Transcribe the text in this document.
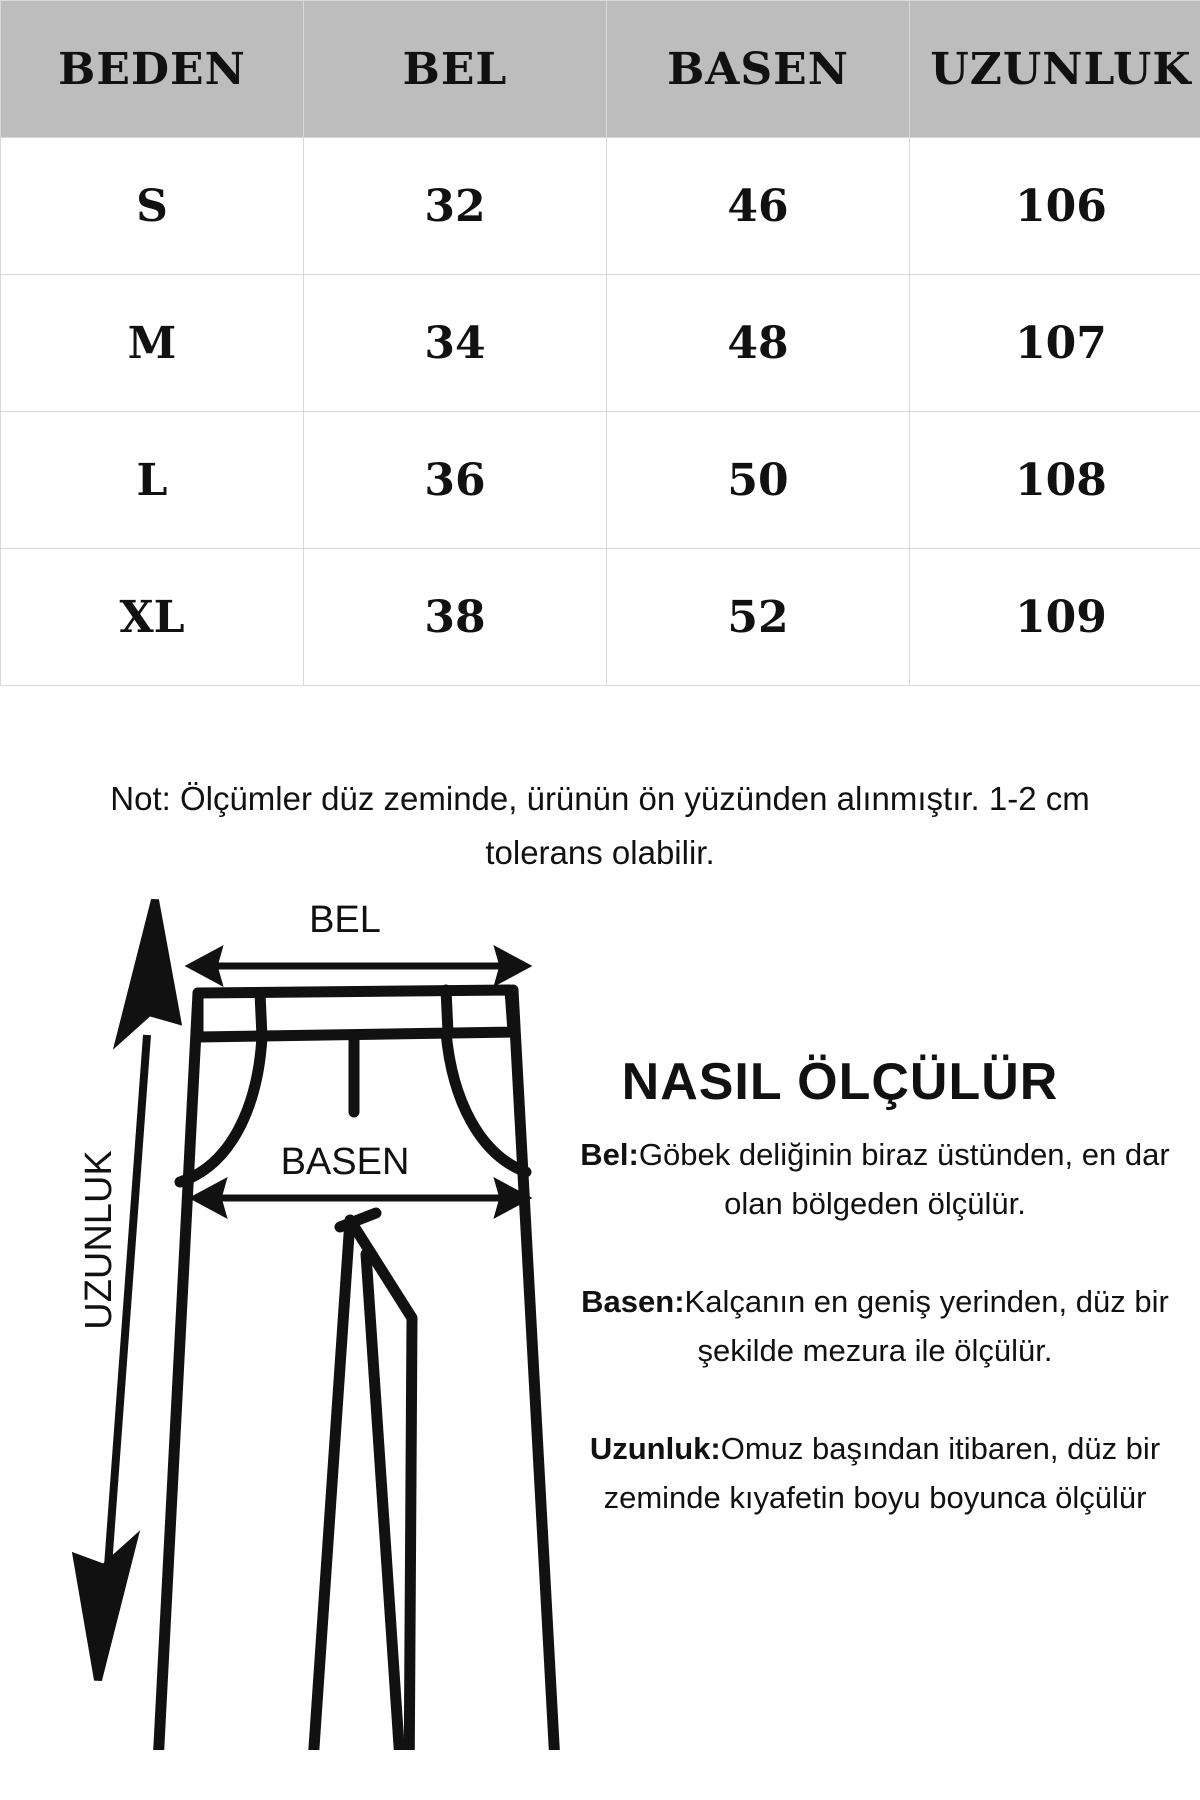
BEDEN	BEL	BASEN	UZUNLUK
S	32	46	106
M	34	48	107
L	36	50	108
XL	38	52	109
Not: Ölçümler düz zeminde, ürünün ön yüzünden alınmıştır. 1-2 cm tolerans olabilir.
BEL
BASEN
UZUNLUK
NASIL ÖLÇÜLÜR
Bel:Göbek deliğinin biraz üstünden, en dar olan bölgeden ölçülür.
Basen:Kalçanın en geniş yerinden, düz bir şekilde mezura ile ölçülür.
Uzunluk:Omuz başından itibaren, düz bir zeminde kıyafetin boyu boyunca ölçülür
